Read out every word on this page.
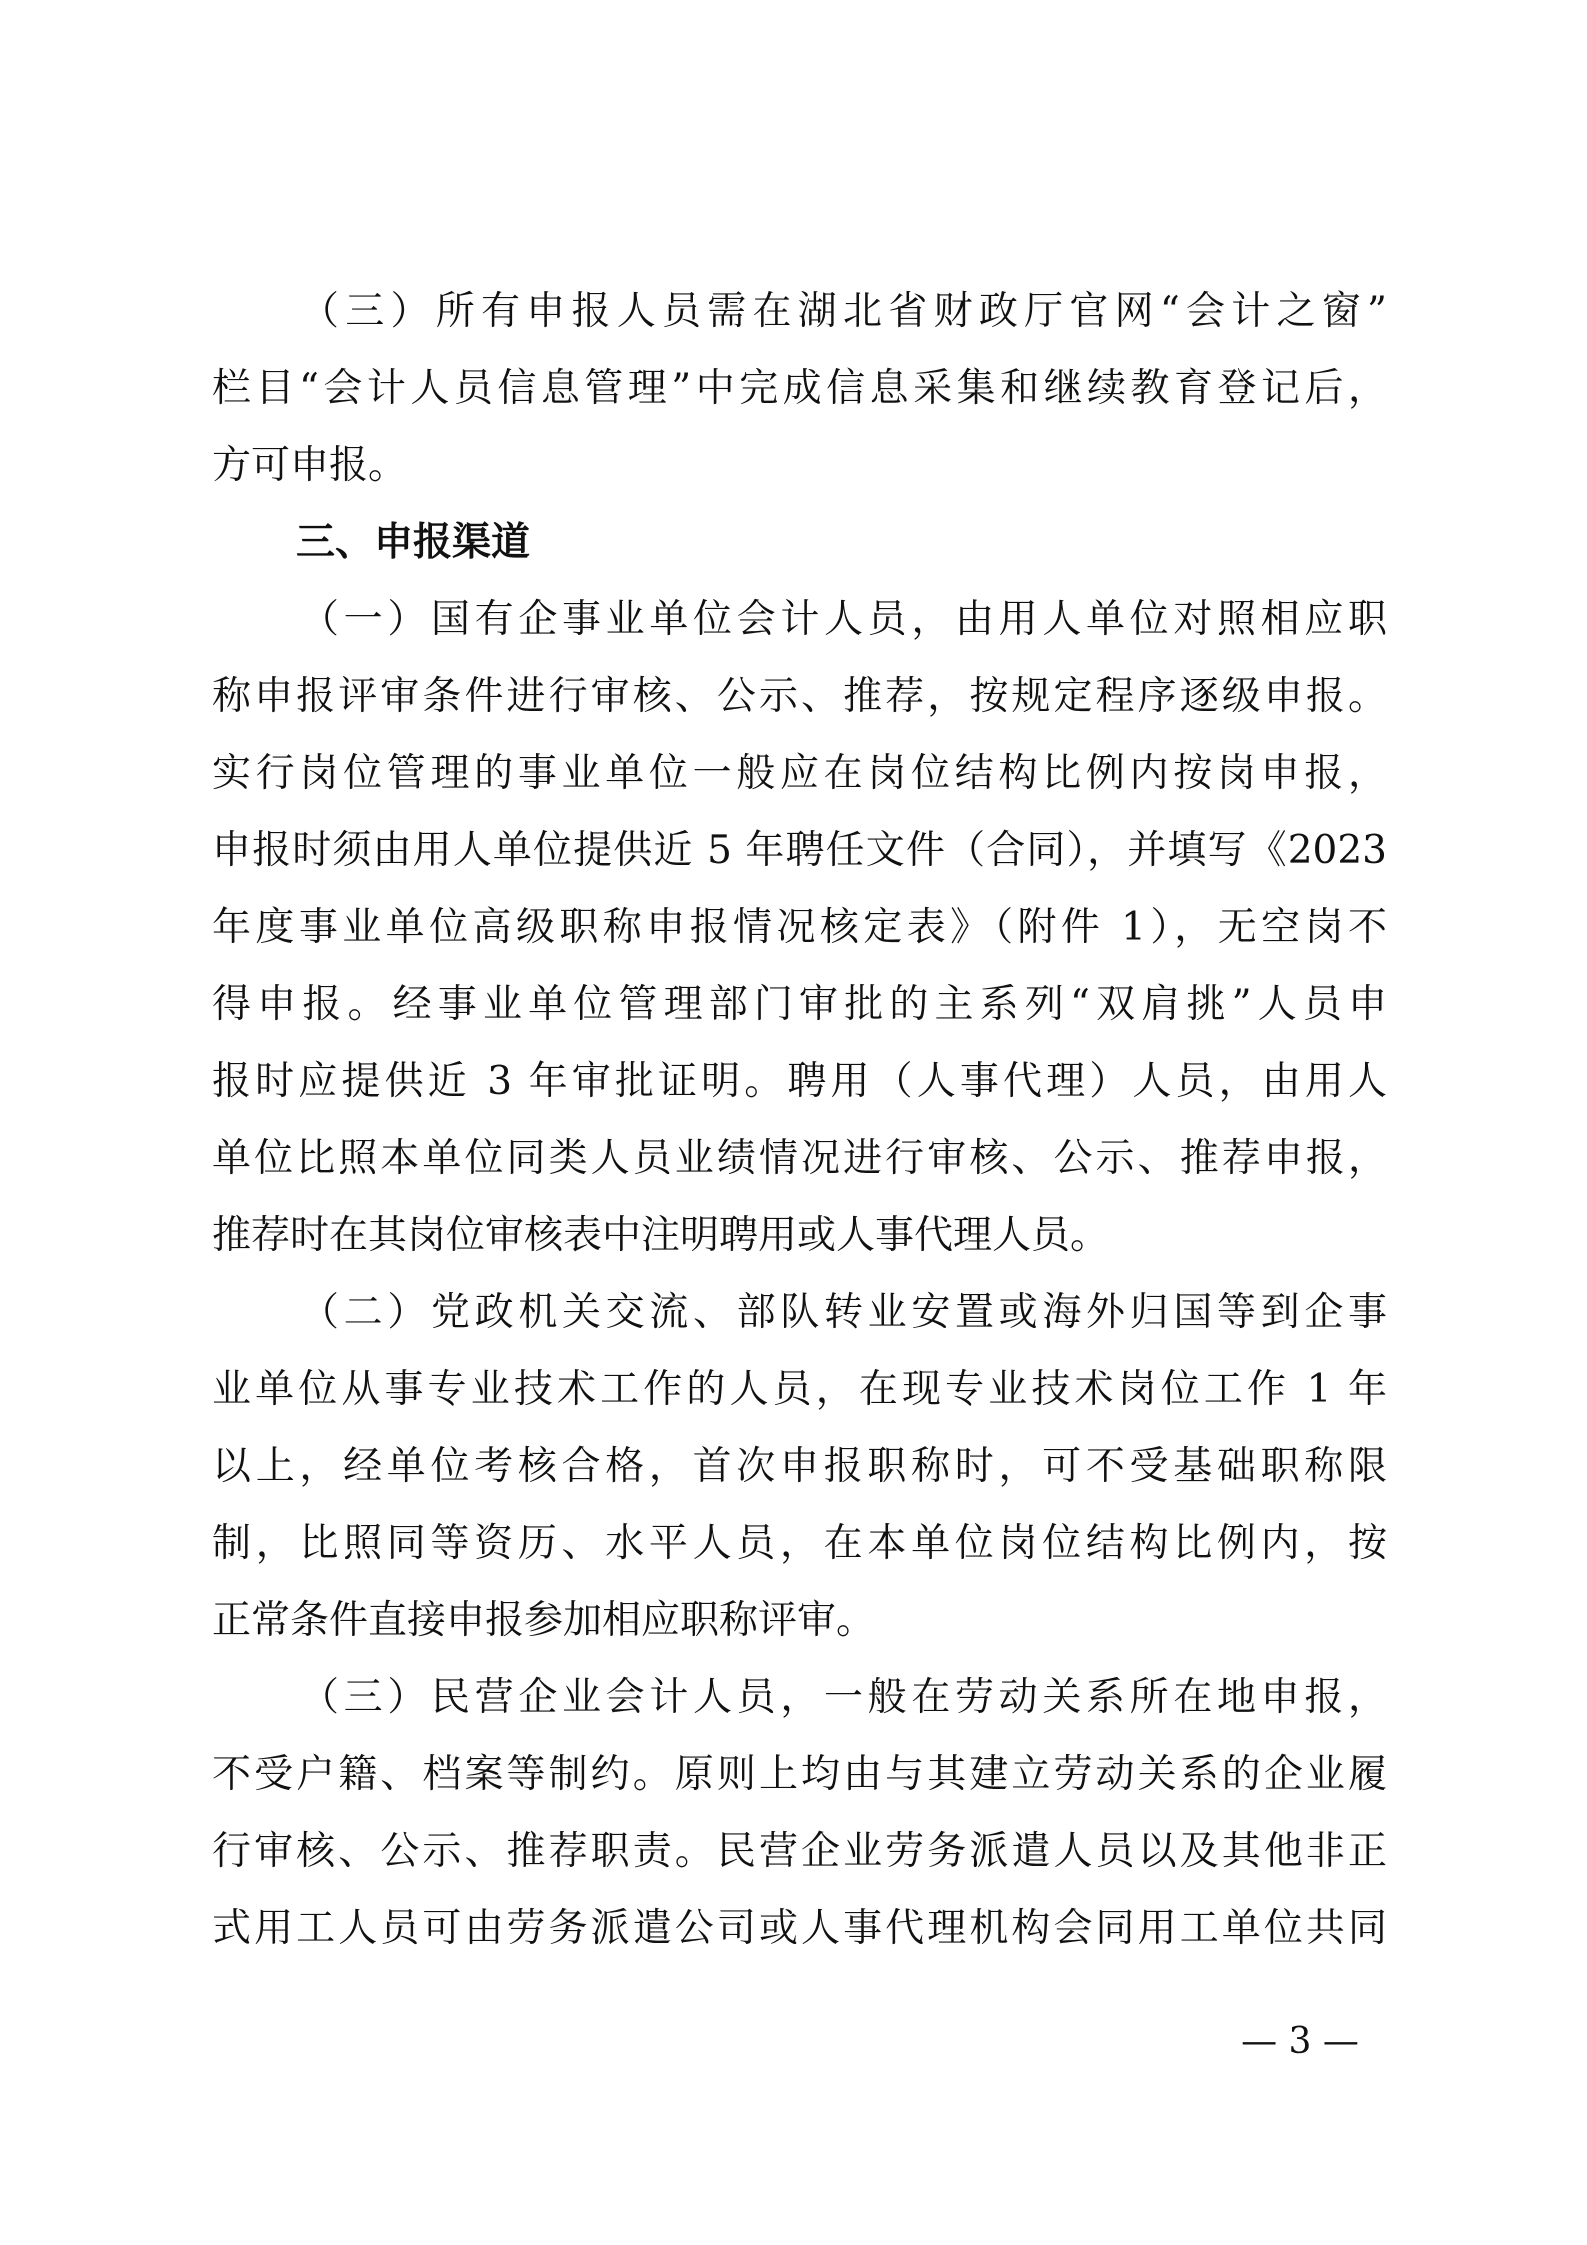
（三）所有申报人员需在湖北省财政厅官网“会计之窗”
栏目“会计人员信息管理”中完成信息采集和继续教育登记后，
方可申报。
三、申报渠道
（一）国有企事业单位会计人员，由用人单位对照相应职
称申报评审条件进行审核、公示、推荐，按规定程序逐级申报。
实行岗位管理的事业单位一般应在岗位结构比例内按岗申报，
申报时须由用人单位提供近 5 年聘任文件（合同），并填写《2023
年度事业单位高级职称申报情况核定表》（附件 1），无空岗不
得申报。经事业单位管理部门审批的主系列“双肩挑”人员申
报时应提供近 3 年审批证明。聘用（人事代理）人员，由用人
单位比照本单位同类人员业绩情况进行审核、公示、推荐申报，
推荐时在其岗位审核表中注明聘用或人事代理人员。
（二）党政机关交流、部队转业安置或海外归国等到企事
业单位从事专业技术工作的人员，在现专业技术岗位工作 1 年
以上，经单位考核合格，首次申报职称时，可不受基础职称限
制，比照同等资历、水平人员，在本单位岗位结构比例内，按
正常条件直接申报参加相应职称评审。
（三）民营企业会计人员，一般在劳动关系所在地申报，
不受户籍、档案等制约。原则上均由与其建立劳动关系的企业履
行审核、公示、推荐职责。民营企业劳务派遣人员以及其他非正
式用工人员可由劳务派遣公司或人事代理机构会同用工单位共同
— 3 —
